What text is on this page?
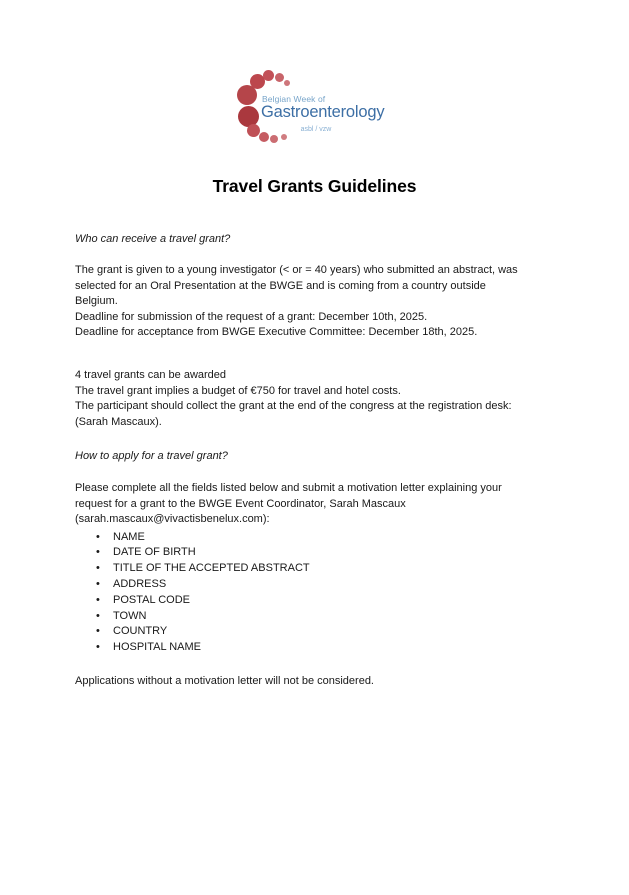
Belgian Week of
Gastroenterology
asbl / vzw
Travel Grants Guidelines
Who can receive a travel grant?
The grant is given to a young investigator (< or = 40 years) who submitted an abstract, was
selected for an Oral Presentation at the BWGE and is coming from a country outside
Belgium.
Deadline for submission of the request of a grant: December 10th, 2025.
Deadline for acceptance from BWGE Executive Committee: December 18th, 2025.
4 travel grants can be awarded
The travel grant implies a budget of €750 for travel and hotel costs.
The participant should collect the grant at the end of the congress at the registration desk:
(Sarah Mascaux).
How to apply for a travel grant?
Please complete all the fields listed below and submit a motivation letter explaining your
request for a grant to the BWGE Event Coordinator, Sarah Mascaux
(sarah.mascaux@vivactisbenelux.com):
• NAME
• DATE OF BIRTH
• TITLE OF THE ACCEPTED ABSTRACT
• ADDRESS
• POSTAL CODE
• TOWN
• COUNTRY
• HOSPITAL NAME
Applications without a motivation letter will not be considered.
